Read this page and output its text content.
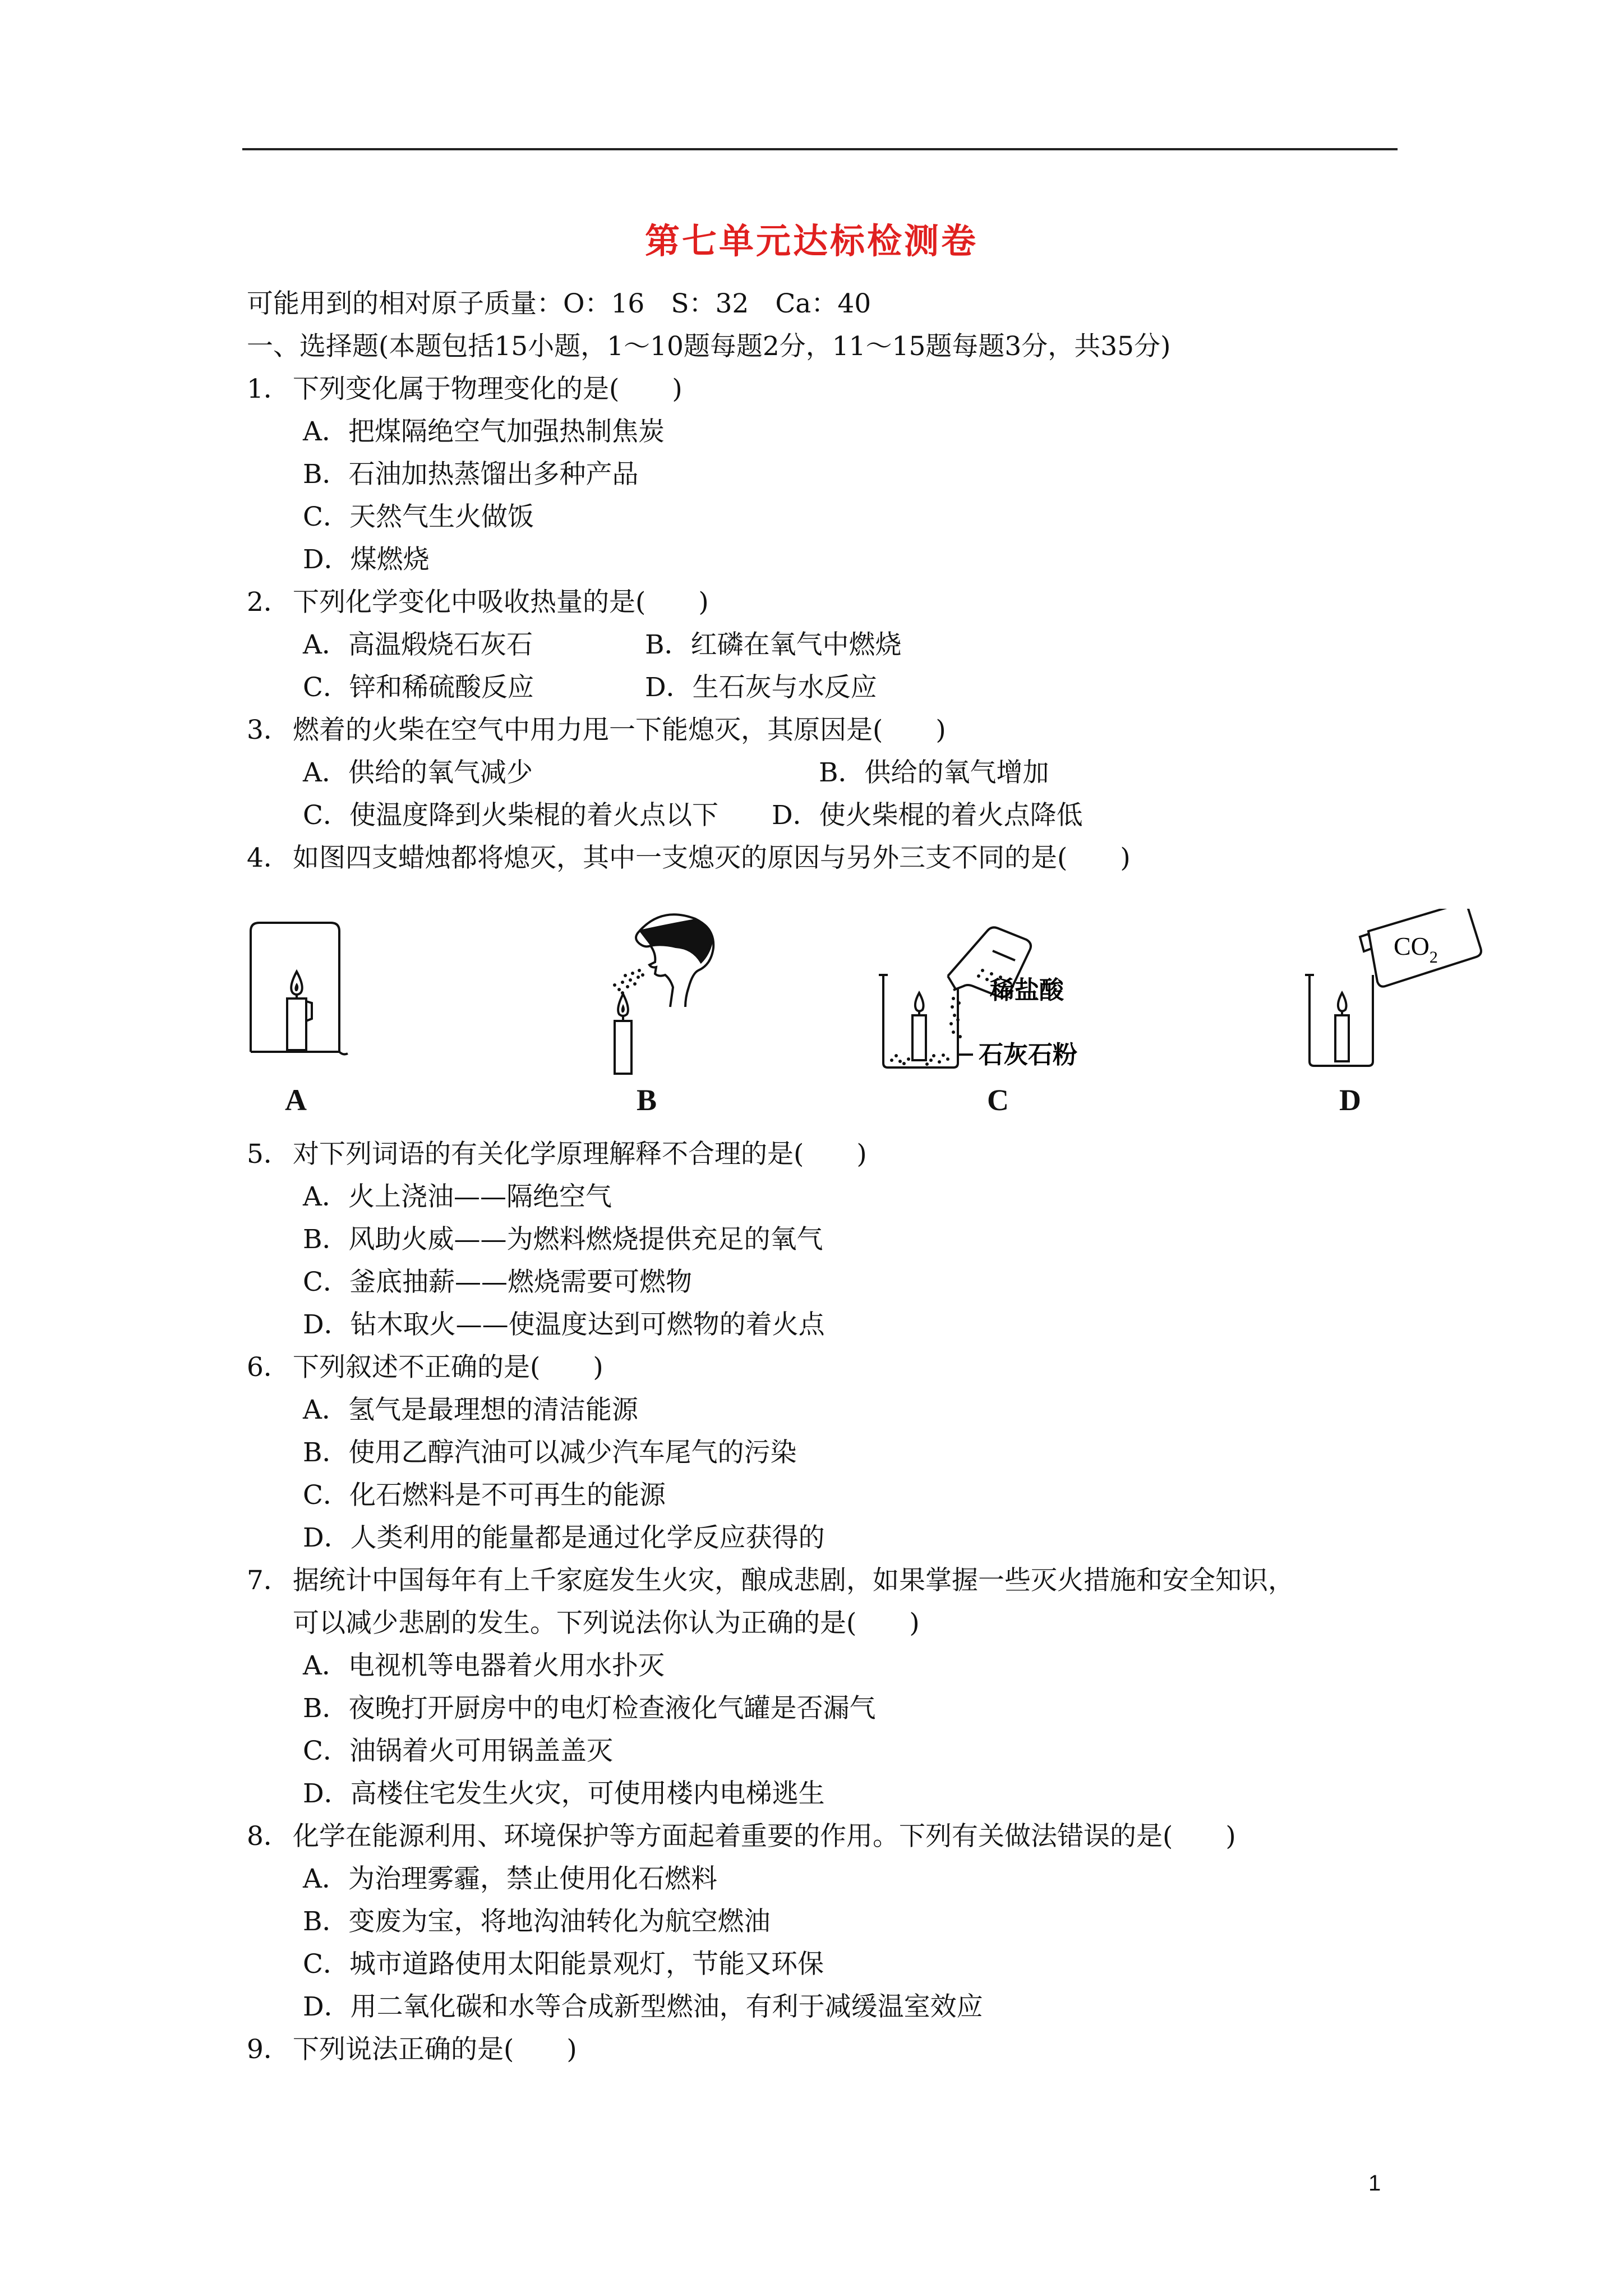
第七单元达标检测卷
可能用到的相对原子质量：O：16　S：32　Ca：40
一、选择题(本题包括15小题，1～10题每题2分，11～15题每题3分，共35分)
1． 下列变化属于物理变化的是(　　)
A．把煤隔绝空气加强热制焦炭
B．石油加热蒸馏出多种产品
C．天然气生火做饭
D．煤燃烧
2． 下列化学变化中吸收热量的是(　　)
A．高温煅烧石灰石	B．红磷在氧气中燃烧
C．锌和稀硫酸反应	D．生石灰与水反应
3． 燃着的火柴在空气中用力甩一下能熄灭，其原因是(　　)
A．供给的氧气减少	B．供给的氧气增加
C．使温度降到火柴棍的着火点以下 D．使火柴棍的着火点降低
4． 如图四支蜡烛都将熄灭，其中一支熄灭的原因与另外三支不同的是(　　)
稀盐酸
石灰石粉
$CO_2$
A	B	C	D
5． 对下列词语的有关化学原理解释不合理的是(　　)
A．火上浇油——隔绝空气
B．风助火威——为燃料燃烧提供充足的氧气
C．釜底抽薪——燃烧需要可燃物
D．钻木取火——使温度达到可燃物的着火点
6． 下列叙述不正确的是(　　)
A．氢气是最理想的清洁能源
B．使用乙醇汽油可以减少汽车尾气的污染
C．化石燃料是不可再生的能源
D．人类利用的能量都是通过化学反应获得的
7． 据统计中国每年有上千家庭发生火灾，酿成悲剧，如果掌握一些灭火措施和安全知识，
可以减少悲剧的发生。下列说法你认为正确的是(　　)
A．电视机等电器着火用水扑灭
B．夜晚打开厨房中的电灯检查液化气罐是否漏气
C．油锅着火可用锅盖盖灭
D．高楼住宅发生火灾，可使用楼内电梯逃生
8． 化学在能源利用、环境保护等方面起着重要的作用。下列有关做法错误的是(　　)
A．为治理雾霾，禁止使用化石燃料
B．变废为宝，将地沟油转化为航空燃油
C．城市道路使用太阳能景观灯，节能又环保
D．用二氧化碳和水等合成新型燃油，有利于减缓温室效应
9． 下列说法正确的是(　　)
1
